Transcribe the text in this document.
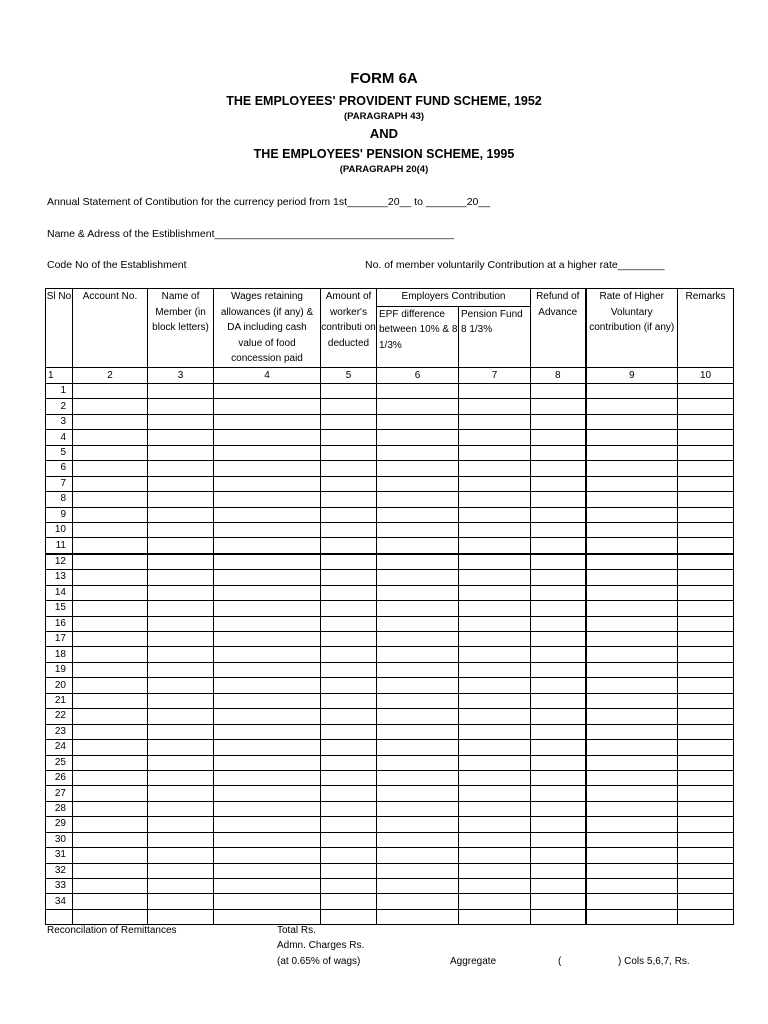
FORM 6A
THE EMPLOYEES' PROVIDENT FUND SCHEME, 1952
(PARAGRAPH 43)
AND
THE EMPLOYEES' PENSION SCHEME, 1995
(PARAGRAPH 20(4)
Annual Statement of Contibution for the currency period from 1st_______20__ to _______20__
Name & Adress of the Estiblishment_________________________________________
Code No of the Establishment	No. of member voluntarily Contribution at a higher rate________
Sl No	Account No.	Name of Member (in block letters)	Wages retaining allowances (if any) & DA including cash value of food concession paid	Amount of worker's contributi on deducted	Employers Contribution		Refund of Advance	Rate of Higher Voluntary contribution (if any)	Remarks
					EPF difference between 10% & 8 1/3%	Pension Fund 8 1/3%			
1	2	3	4	5	6	7	8	9	10
1									
2									
3									
4									
5									
6									
7									
8									
9									
10									
11									
12									
13									
14									
15									
16									
17									
18									
19									
20									
21									
22									
23									
24									
25									
26									
27									
28									
29									
30									
31									
32									
33									
34									

Reconcilation of Remittances	Total Rs.
Admn. Charges Rs.
(at 0.65% of wags)	Aggregate	(	) Cols 5,6,7, Rs.
